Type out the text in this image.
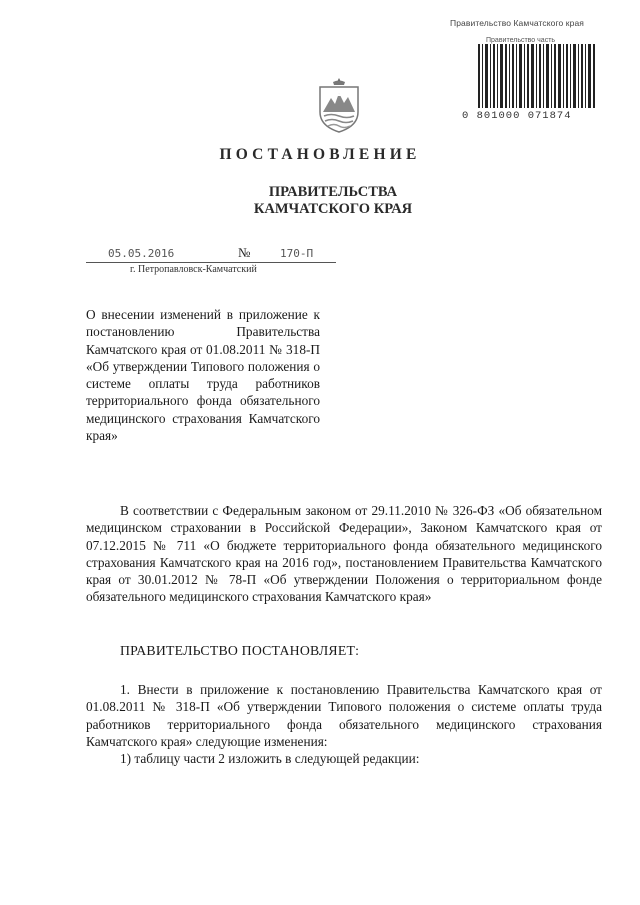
Правительство Камчатского края
Правительство часть
0 801000 071874
ПОСТАНОВЛЕНИЕ
ПРАВИТЕЛЬСТВА
КАМЧАТСКОГО КРАЯ
05.05.2016	№	170-П
г. Петропавловск-Камчатский
О внесении изменений в приложение к постановлению Правительства Камчатского края от 01.08.2011 № 318-П «Об утверждении Типового положения о системе оплаты труда работников территориального фонда обязательного медицинского страхования Камчатского края»
В соответствии с Федеральным законом от 29.11.2010 № 326-ФЗ «Об обязательном медицинском страховании в Российской Федерации», Законом Камчатского края от 07.12.2015 № 711 «О бюджете территориального фонда обязательного медицинского страхования Камчатского края на 2016 год», постановлением Правительства Камчатского края от 30.01.2012 № 78-П «Об утверждении Положения о территориальном фонде обязательного медицинского страхования Камчатского края»
ПРАВИТЕЛЬСТВО ПОСТАНОВЛЯЕТ:
1. Внести в приложение к постановлению Правительства Камчатского края от 01.08.2011 № 318-П «Об утверждении Типового положения о системе оплаты труда работников территориального фонда обязательного медицинского страхования Камчатского края» следующие изменения:
1) таблицу части 2 изложить в следующей редакции:
